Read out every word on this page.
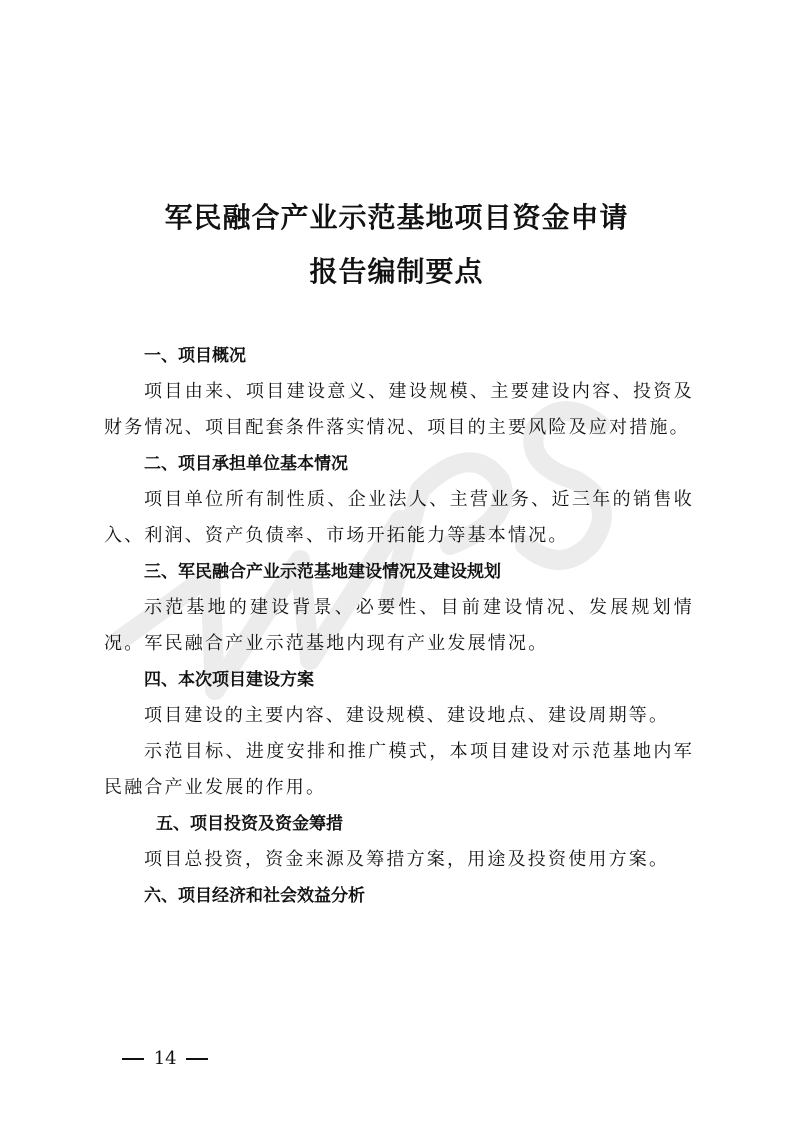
军民融合产业示范基地项目资金申请
报告编制要点
一、项目概况

项目由来、项目建设意义、建设规模、主要建设内容、投资及财务情况、项目配套条件落实情况、项目的主要风险及应对措施。

二、项目承担单位基本情况

项目单位所有制性质、企业法人、主营业务、近三年的销售收入、利润、资产负债率、市场开拓能力等基本情况。

三、军民融合产业示范基地建设情况及建设规划

示范基地的建设背景、必要性、目前建设情况、发展规划情况。军民融合产业示范基地内现有产业发展情况。

四、本次项目建设方案

项目建设的主要内容、建设规模、建设地点、建设周期等。

示范目标、进度安排和推广模式，本项目建设对示范基地内军民融合产业发展的作用。

五、项目投资及资金筹措

项目总投资，资金来源及筹措方案，用途及投资使用方案。

六、项目经济和社会效益分析
14
